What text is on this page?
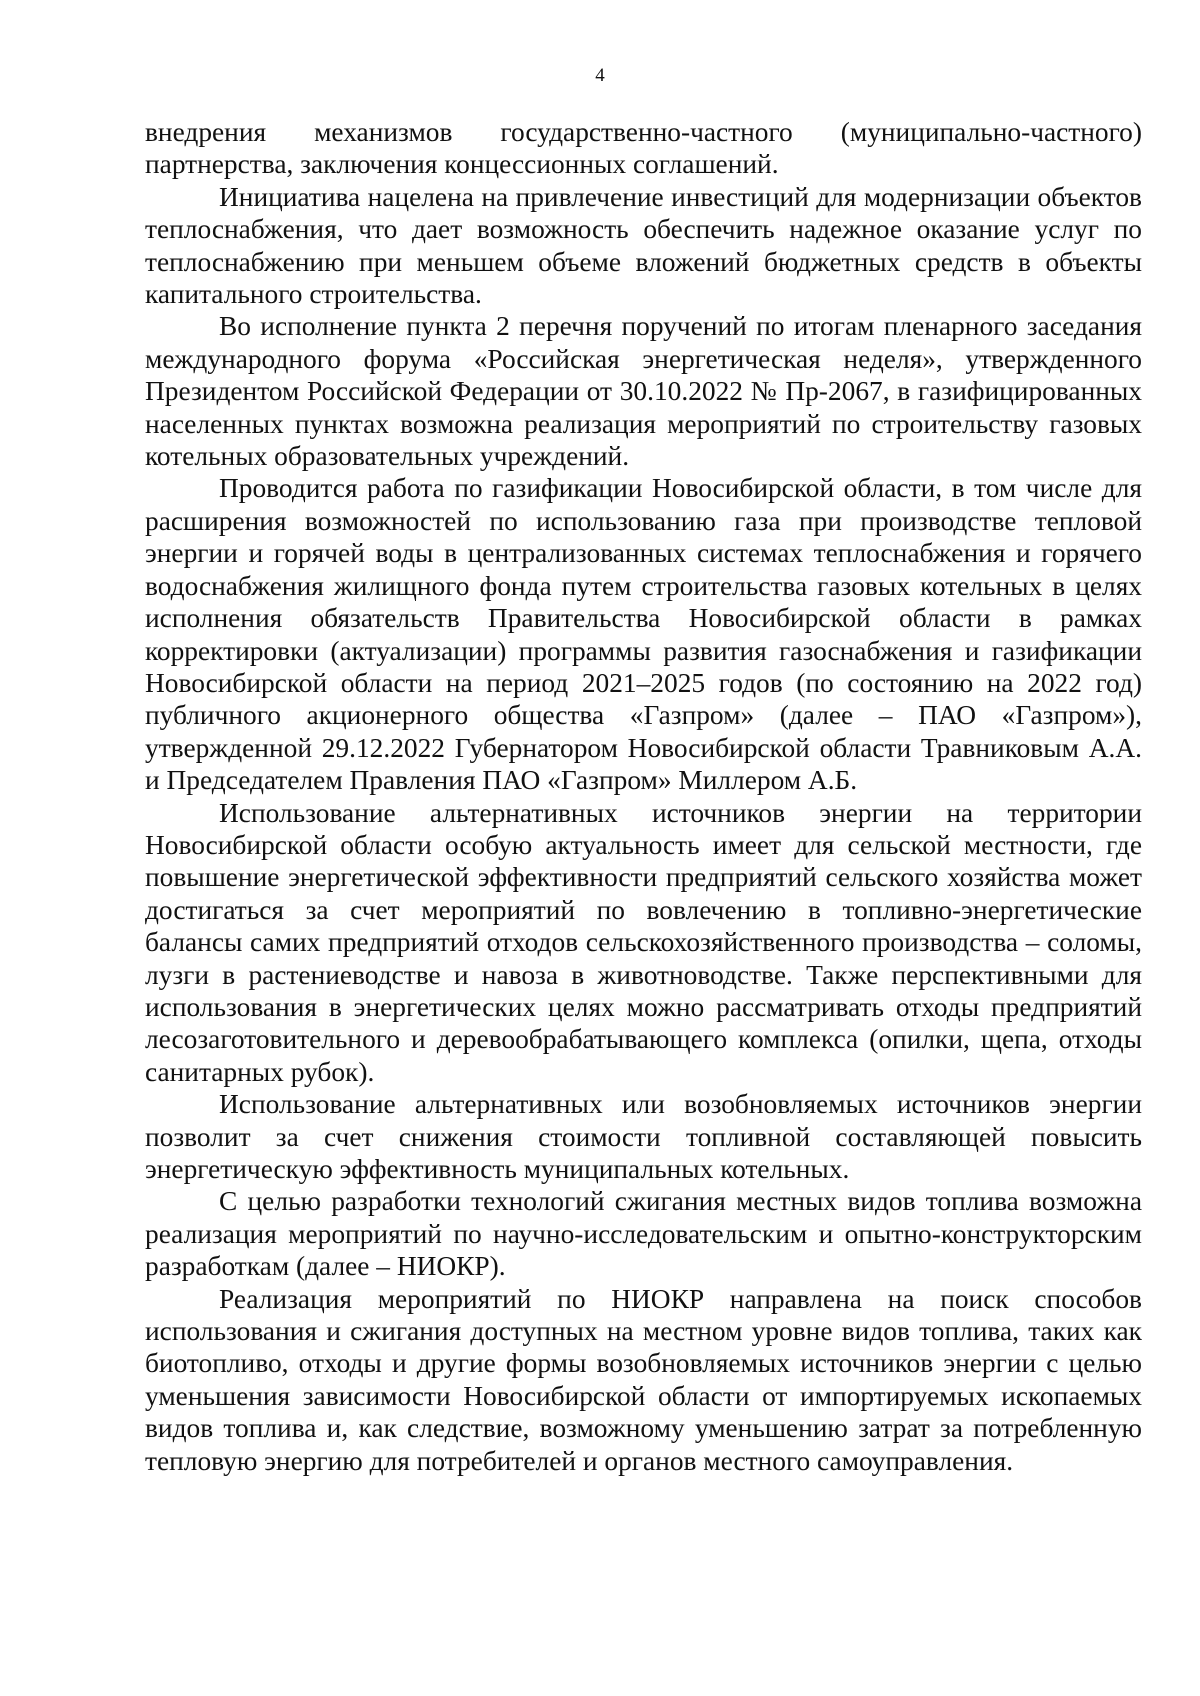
4

внедрения механизмов государственно-частного (муниципально-частного) партнерства, заключения концессионных соглашений.

Инициатива нацелена на привлечение инвестиций для модернизации объектов теплоснабжения, что дает возможность обеспечить надежное оказание услуг по теплоснабжению при меньшем объеме вложений бюджетных средств в объекты капитального строительства.

Во исполнение пункта 2 перечня поручений по итогам пленарного заседания международного форума «Российская энергетическая неделя», утвержденного Президентом Российской Федерации от 30.10.2022 № Пр-2067, в газифицированных населенных пунктах возможна реализация мероприятий по строительству газовых котельных образовательных учреждений.

Проводится работа по газификации Новосибирской области, в том числе для расширения возможностей по использованию газа при производстве тепловой энергии и горячей воды в централизованных системах теплоснабжения и горячего водоснабжения жилищного фонда путем строительства газовых котельных в целях исполнения обязательств Правительства Новосибирской области в рамках корректировки (актуализации) программы развития газоснабжения и газификации Новосибирской области на период 2021–2025 годов (по состоянию на 2022 год) публичного акционерного общества «Газпром» (далее – ПАО «Газпром»), утвержденной 29.12.2022 Губернатором Новосибирской области Травниковым А.А. и Председателем Правления ПАО «Газпром» Миллером А.Б.

Использование альтернативных источников энергии на территории Новосибирской области особую актуальность имеет для сельской местности, где повышение энергетической эффективности предприятий сельского хозяйства может достигаться за счет мероприятий по вовлечению в топливно-энергетические балансы самих предприятий отходов сельскохозяйственного производства – соломы, лузги в растениеводстве и навоза в животноводстве. Также перспективными для использования в энергетических целях можно рассматривать отходы предприятий лесозаготовительного и деревообрабатывающего комплекса (опилки, щепа, отходы санитарных рубок).

Использование альтернативных или возобновляемых источников энергии позволит за счет снижения стоимости топливной составляющей повысить энергетическую эффективность муниципальных котельных.

С целью разработки технологий сжигания местных видов топлива возможна реализация мероприятий по научно-исследовательским и опытно-конструкторским разработкам (далее – НИОКР).

Реализация мероприятий по НИОКР направлена на поиск способов использования и сжигания доступных на местном уровне видов топлива, таких как биотопливо, отходы и другие формы возобновляемых источников энергии с целью уменьшения зависимости Новосибирской области от импортируемых ископаемых видов топлива и, как следствие, возможному уменьшению затрат за потребленную тепловую энергию для потребителей и органов местного самоуправления.
